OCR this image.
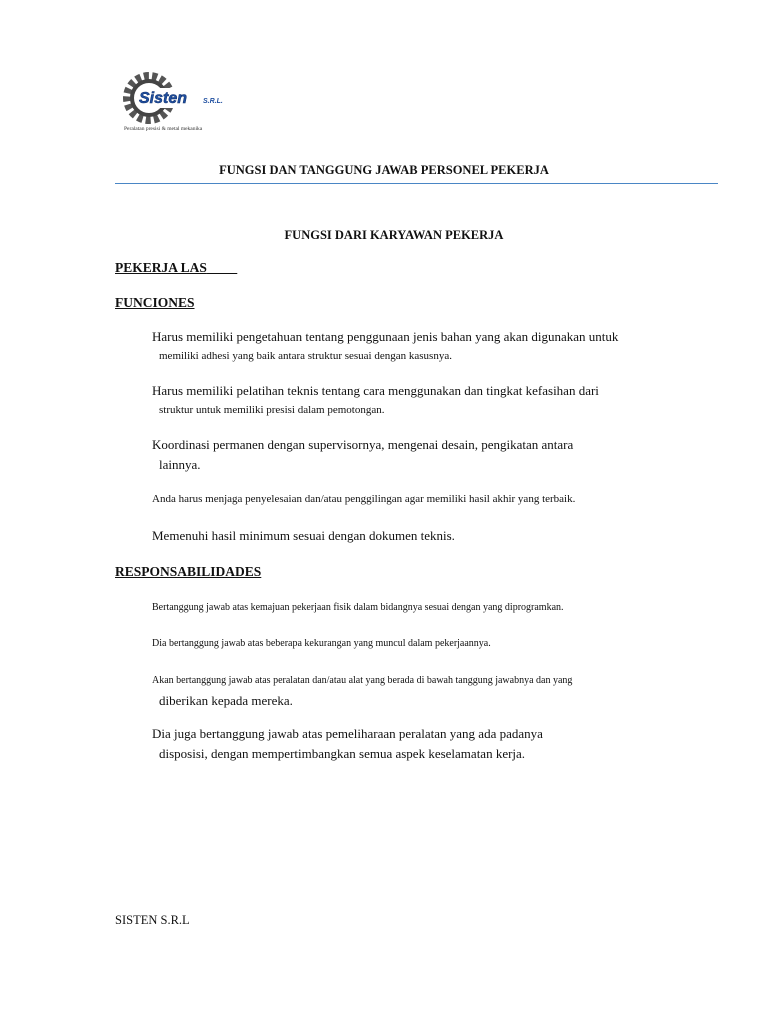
Sisten S.R.L.
Peralatan presisi & metal mekanika
FUNGSI DAN TANGGUNG JAWAB PERSONEL PEKERJA
FUNGSI DARI KARYAWAN PEKERJA
PEKERJA LAS
FUNCIONES
Harus memiliki pengetahuan tentang penggunaan jenis bahan yang akan digunakan untuk
memiliki adhesi yang baik antara struktur sesuai dengan kasusnya.
Harus memiliki pelatihan teknis tentang cara menggunakan dan tingkat kefasihan dari
struktur untuk memiliki presisi dalam pemotongan.
Koordinasi permanen dengan supervisornya, mengenai desain, pengikatan antara
lainnya.
Anda harus menjaga penyelesaian dan/atau penggilingan agar memiliki hasil akhir yang terbaik.
Memenuhi hasil minimum sesuai dengan dokumen teknis.
RESPONSABILIDADES
Bertanggung jawab atas kemajuan pekerjaan fisik dalam bidangnya sesuai dengan yang diprogramkan.
Dia bertanggung jawab atas beberapa kekurangan yang muncul dalam pekerjaannya.
Akan bertanggung jawab atas peralatan dan/atau alat yang berada di bawah tanggung jawabnya dan yang
diberikan kepada mereka.
Dia juga bertanggung jawab atas pemeliharaan peralatan yang ada padanya
disposisi, dengan mempertimbangkan semua aspek keselamatan kerja.
SISTEN S.R.L
